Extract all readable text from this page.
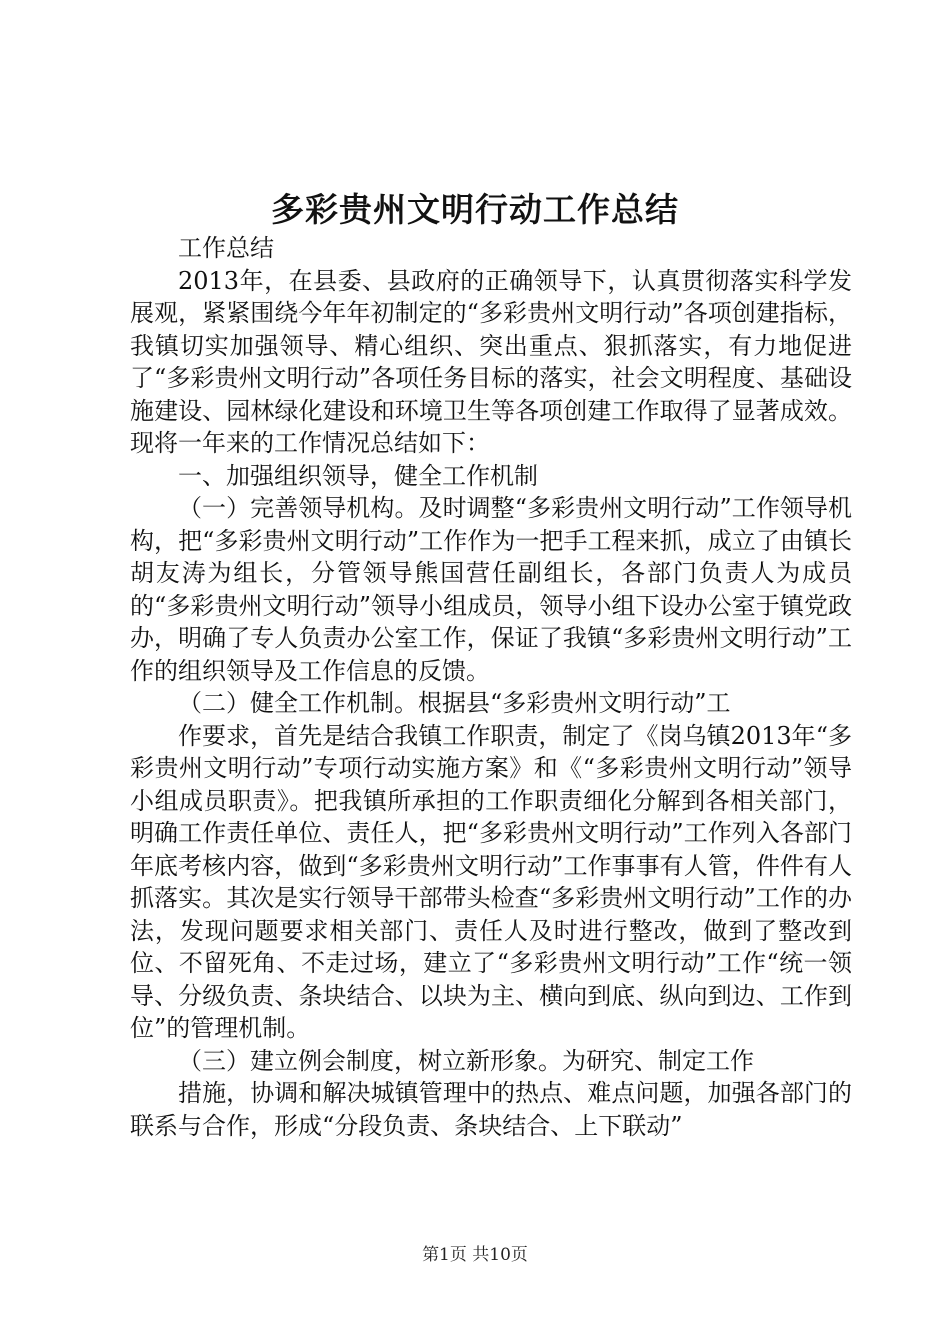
多彩贵州文明行动工作总结

工作总结

2013年，在县委、县政府的正确领导下，认真贯彻落实科学发展观，紧紧围绕今年年初制定的“多彩贵州文明行动”各项创建指标，我镇切实加强领导、精心组织、突出重点、狠抓落实，有力地促进了“多彩贵州文明行动”各项任务目标的落实，社会文明程度、基础设施建设、园林绿化建设和环境卫生等各项创建工作取得了显著成效。现将一年来的工作情况总结如下：

一、加强组织领导，健全工作机制

（一）完善领导机构。及时调整“多彩贵州文明行动”工作领导机构，把“多彩贵州文明行动”工作作为一把手工程来抓，成立了由镇长胡友涛为组长，分管领导熊国营任副组长，各部门负责人为成员的“多彩贵州文明行动”领导小组成员，领导小组下设办公室于镇党政办，明确了专人负责办公室工作，保证了我镇“多彩贵州文明行动”工作的组织领导及工作信息的反馈。

（二）健全工作机制。根据县“多彩贵州文明行动”工

作要求，首先是结合我镇工作职责，制定了《岗乌镇2013年“多彩贵州文明行动”专项行动实施方案》和《“多彩贵州文明行动”领导小组成员职责》。把我镇所承担的工作职责细化分解到各相关部门，明确工作责任单位、责任人，把“多彩贵州文明行动”工作列入各部门年底考核内容，做到“多彩贵州文明行动”工作事事有人管，件件有人抓落实。其次是实行领导干部带头检查“多彩贵州文明行动”工作的办法，发现问题要求相关部门、责任人及时进行整改，做到了整改到位、不留死角、不走过场，建立了“多彩贵州文明行动”工作“统一领导、分级负责、条块结合、以块为主、横向到底、纵向到边、工作到位”的管理机制。

（三）建立例会制度，树立新形象。为研究、制定工作

措施，协调和解决城镇管理中的热点、难点问题，加强各部门的联系与合作，形成“分段负责、条块结合、上下联动”

第1页 共10页
